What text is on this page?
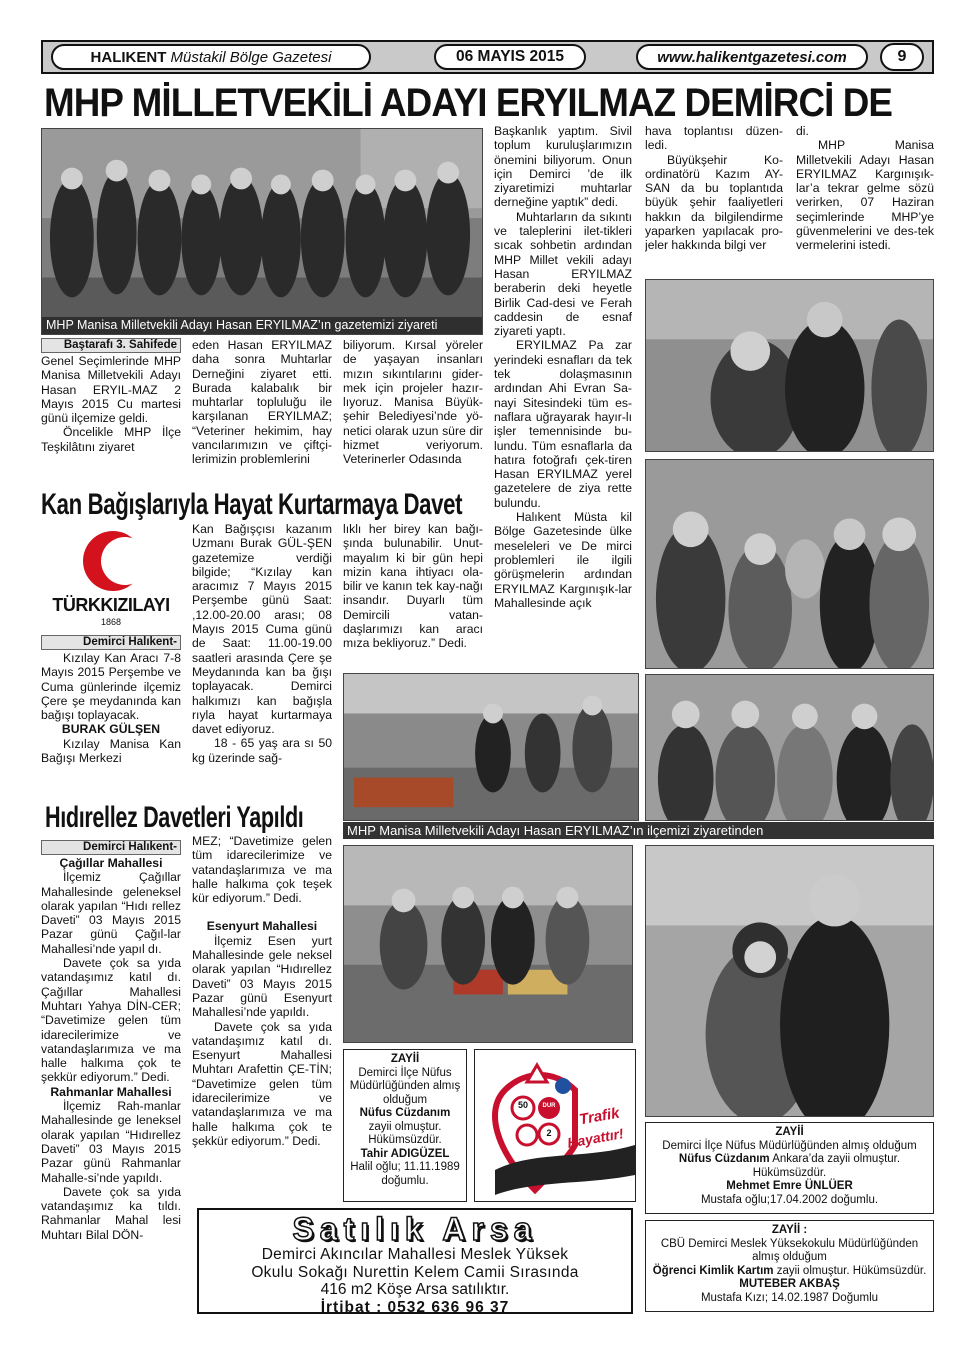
HALIKENT
Müstakil Bölge Gazetesi	06 MAYIS 2015	www.halikentgazetesi.com	9
MHP MİLLETVEKİLİ ADAYI ERYILMAZ DEMİRCİ DE
MHP Manisa Milletvekili Adayı Hasan ERYILMAZ’ın gazetemizi ziyareti
Baştarafı 3. Sahifede

Genel Seçimlerinde MHP Manisa Milletvekili Adayı Hasan ERYIL-MAZ 2 Mayıs 2015 Cu martesi günü ilçemize geldi.

Öncelikle MHP İlçe Teşkilâtını ziyaret

eden Hasan ERYILMAZ daha sonra Muhtarlar Derneğini ziyaret etti. Burada kalabalık bir muhtarlar topluluğu ile karşılanan ERYILMAZ; “Veteriner hekimim, hay vancılarımızın ve çiftçi-lerimizin problemlerini

biliyorum. Kırsal yöreler de yaşayan insanları mızın sıkıntılarını gider-mek için projeler hazır-lıyoruz. Manisa Büyük-şehir Belediyesi’nde yö-netici olarak uzun süre dir hizmet veriyorum. Veterinerler Odasında

Başkanlık yaptım. Sivil toplum kuruluşlarımızın önemini biliyorum. Onun için Demirci ’de ilk ziyaretimizi muhtarlar derneğine yaptık” dedi.

Muhtarların da sıkıntı ve taleplerini ilet-tikleri sıcak sohbetin ardından MHP Millet vekili adayı Hasan ERYILMAZ beraberin deki heyetle Birlik Cad-desi ve Ferah caddesin de esnaf ziyareti yaptı.

ERYILMAZ Pa zar yerindeki esnafları da tek tek dolaşmasının ardından Ahi Evran Sa-nayi Sitesindeki tüm es-naflara uğrayarak hayır-lı işler temennisinde bu-lundu. Tüm esnaflarla da hatıra fotoğrafı çek-tiren Hasan ERYILMAZ yerel gazetelere de ziya rette bulundu.

Halıkent Müsta kil Bölge Gazetesinde ülke meseleleri ve De mirci problemleri ile ilgili görüşmelerin ardından ERYILMAZ Kargınışık-lar Mahallesinde açık

hava toplantısı düzen-ledi.

Büyükşehir Ko-ordinatörü Kazım AY-SAN da bu toplantıda büyük şehir faaliyetleri hakkın da bilgilendirme yaparken yapılacak pro-jeler hakkında bilgi ver

di.

MHP Manisa Milletvekili Adayı Hasan ERYILMAZ Kargınışık-lar’a tekrar gelme sözü verirken, 07 Haziran seçimlerinde MHP’ye güvenmelerini ve des-tek vermelerini istedi.

Kan Bağışlarıyla Hayat Kurtarmaya Davet
TÜRKKIZILAYI
1868
Demirci Halıkent-

Kızılay Kan Aracı 7-8 Mayıs 2015 Perşembe ve Cuma günlerinde ilçemiz Çere şe meydanında kan bağışı toplayacak.

BURAK GÜLŞEN

Kızılay Manisa Kan Bağışı Merkezi

Kan Bağışçısı kazanım Uzmanı Burak GÜL-ŞEN gazetemize verdiği bilgide; “Kızılay kan aracımız 7 Mayıs 2015 Perşembe günü Saat: ,12.00-20.00 arası; 08 Mayıs 2015 Cuma günü de Saat: 11.00-19.00 saatleri arasında Çere şe Meydanında kan ba ğışı toplayacak. Demirci halkımızı kan bağışla rıyla hayat kurtarmaya davet ediyoruz.

18 - 65 yaş ara sı 50 kg üzerinde sağ-

lıklı her birey kan bağı-şında bulunabilir. Unut-mayalım ki bir gün hepi mizin kana ihtiyacı ola-bilir ve kanın tek kay-nağı insandır. Duyarlı tüm Demircili vatan-daşlarımızı kan aracı mıza bekliyoruz.” Dedi.

MHP Manisa Milletvekili Adayı Hasan ERYILMAZ’ın ilçemizi ziyaretinden
Hıdırellez Davetleri Yapıldı
Demirci Halıkent-

Çağıllar Mahallesi

İlçemiz Çağıllar Mahallesinde geleneksel olarak yapılan “Hıdı rellez Daveti” 03 Mayıs 2015 Pazar günü Çağıl-lar Mahallesi’nde yapıl dı.

Davete çok sa yıda vatandaşımız katıl dı. Çağıllar Mahallesi Muhtarı Yahya DİN-CER; “Davetimize gelen tüm idarecilerimize ve vatandaşlarımıza ve ma halle halkıma çok te şekkür ediyorum.” Dedi.

Rahmanlar Mahallesi

İlçemiz Rah-manlar Mahallesinde ge leneksel olarak yapılan “Hıdırellez Daveti” 03 Mayıs 2015 Pazar günü Rahmanlar Mahalle-si’nde yapıldı.

Davete çok sa yıda vatandaşımız ka tıldı. Rahmanlar Mahal lesi Muhtarı Bilal DÖN-

MEZ; “Davetimize gelen tüm idarecilerimize ve vatandaşlarımıza ve ma halle halkıma çok teşek kür ediyorum.” Dedi.

Esenyurt Mahallesi

İlçemiz Esen yurt Mahallesinde gele neksel olarak yapılan “Hıdırellez Daveti” 03 Mayıs 2015 Pazar günü Esenyurt Mahallesi’nde yapıldı.

Davete çok sa yıda vatandaşımız katıl dı. Esenyurt Mahallesi Muhtarı Arafettin ÇE-TİN; “Davetimize gelen tüm idarecilerimize ve vatandaşlarımıza ve ma halle halkıma çok te şekkür ediyorum.” Dedi.

ZAYİİ
Demirci İlçe Nüfus Müdürlüğünden almış olduğum
Nüfus Cüzdanım
zayii olmuştur. Hükümsüzdür.
Tahir ADIGÜZEL
Halil oğlu; 11.11.1989 doğumlu.
50	DUR
2
Trafik
Hayattır!	ZAYİİ
Demirci İlçe Nüfus Müdürlüğünden almış olduğum
Nüfus Cüzdanım Ankara’da zayii olmuştur. Hükümsüzdür.
Mehmet Emre ÜNLÜER
Mustafa oğlu;17.04.2002 doğumlu.
ZAYİİ :
CBÜ Demirci Meslek Yüksekokulu Müdürlüğünden almış olduğum
Öğrenci Kimlik Kartım zayii olmuştur. Hükümsüzdür.
MUTEBER AKBAŞ
Mustafa Kızı; 14.02.1987 Doğumlu
Satılık Arsa
Demirci Akıncılar Mahallesi Meslek Yüksek
Okulu Sokağı Nurettin Kelem Camii Sırasında
416 m2 Köşe Arsa satılıktır.
İrtibat : 0532 636 96 37
